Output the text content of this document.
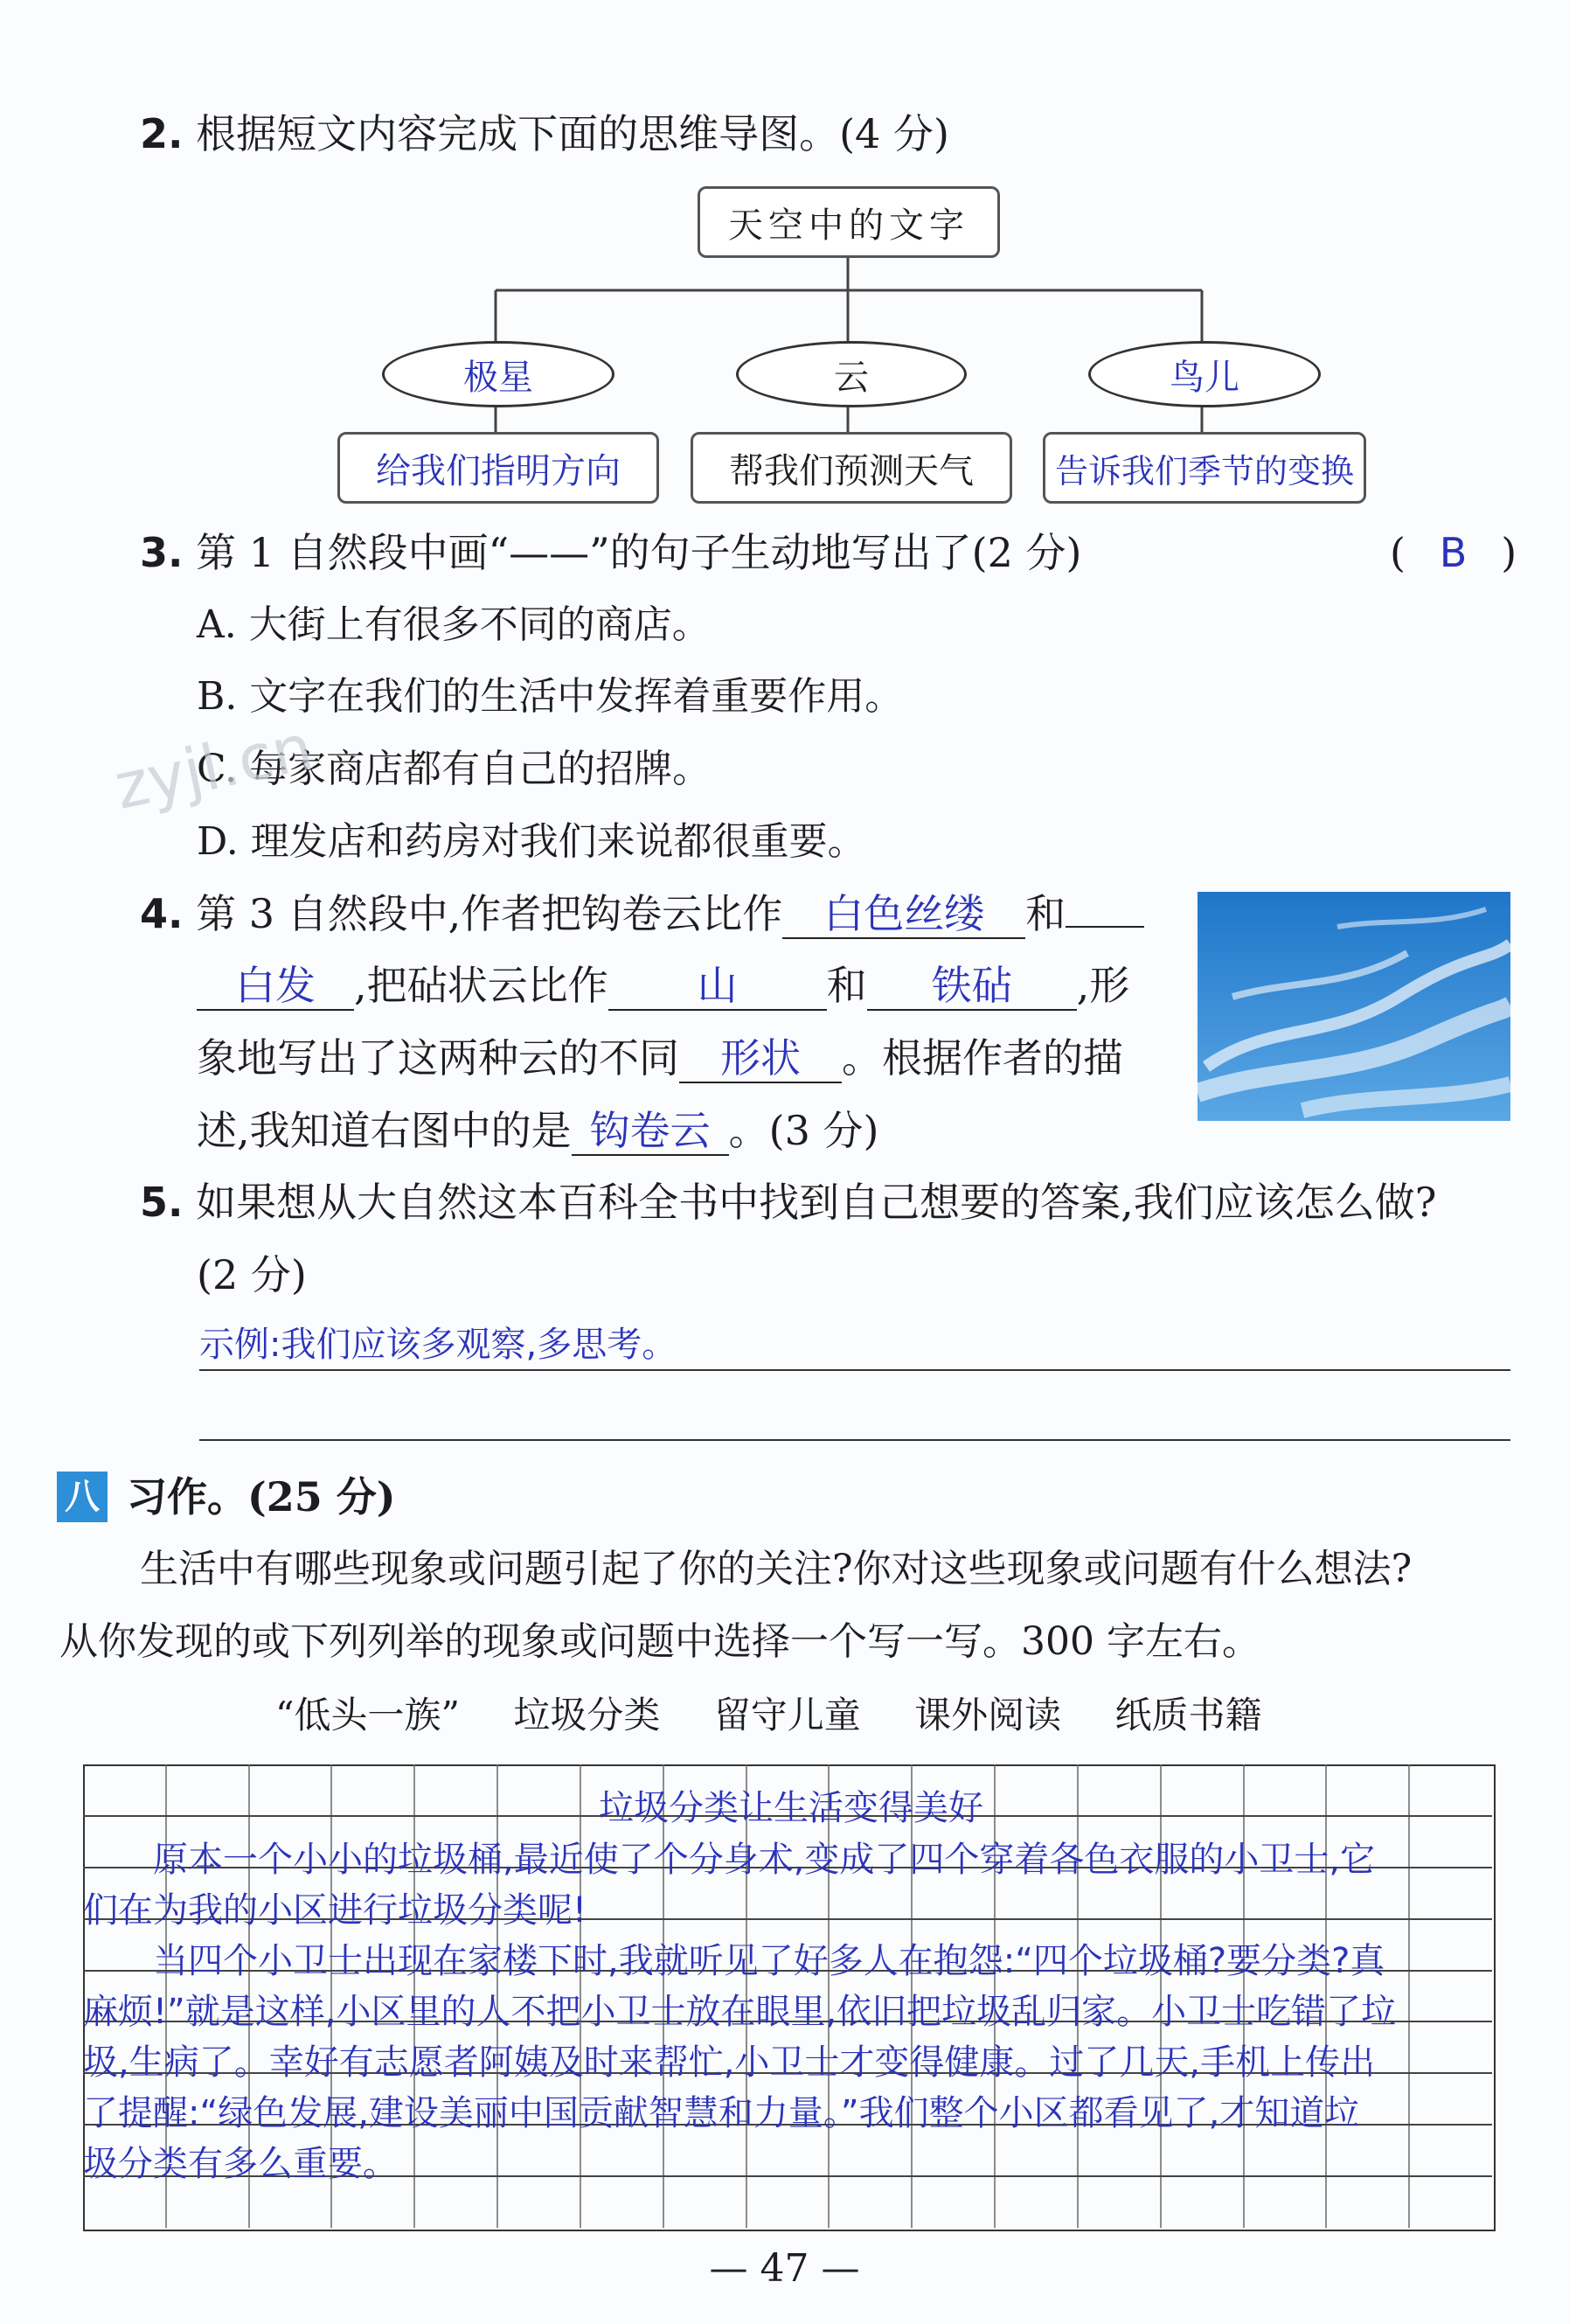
2. 根据短文内容完成下面的思维导图。(4 分)
天空中的文字
极星	云	鸟儿
给我们指明方向	帮我们预测天气	告诉我们季节的变换
3. 第 1 自然段中画“——”的句子生动地写出了(2 分)	( B )
A. 大街上有很多不同的商店。
B. 文字在我们的生活中发挥着重要作用。
C. 每家商店都有自己的招牌。
D. 理发店和药房对我们来说都很重要。
zyjl.cn
4. 第 3 自然段中,作者把钩卷云比作 白色丝缕 和
白发 ,把砧状云比作 山 和 铁砧 ,形
象地写出了这两种云的不同 形状 。根据作者的描
述,我知道右图中的是 钩卷云 。(3 分)
5. 如果想从大自然这本百科全书中找到自己想要的答案,我们应该怎么做?
(2 分)
示例:我们应该多观察,多思考。
八 习作。(25 分)
生活中有哪些现象或问题引起了你的关注?你对这些现象或问题有什么想法?
从你发现的或下列列举的现象或问题中选择一个写一写。300 字左右。
“低头一族” 垃圾分类 留守儿童 课外阅读 纸质书籍
垃圾分类让生活变得美好
原本一个小小的垃圾桶,最近使了个分身术,变成了四个穿着各色衣服的小卫士,它
们在为我的小区进行垃圾分类呢!
当四个小卫士出现在家楼下时,我就听见了好多人在抱怨:“四个垃圾桶?要分类?真
麻烦!”就是这样,小区里的人不把小卫士放在眼里,依旧把垃圾乱归家。小卫士吃错了垃
圾,生病了。幸好有志愿者阿姨及时来帮忙,小卫士才变得健康。过了几天,手机上传出
了提醒:“绿色发展,建设美丽中国贡献智慧和力量。”我们整个小区都看见了,才知道垃
圾分类有多么重要。
— 47 —
